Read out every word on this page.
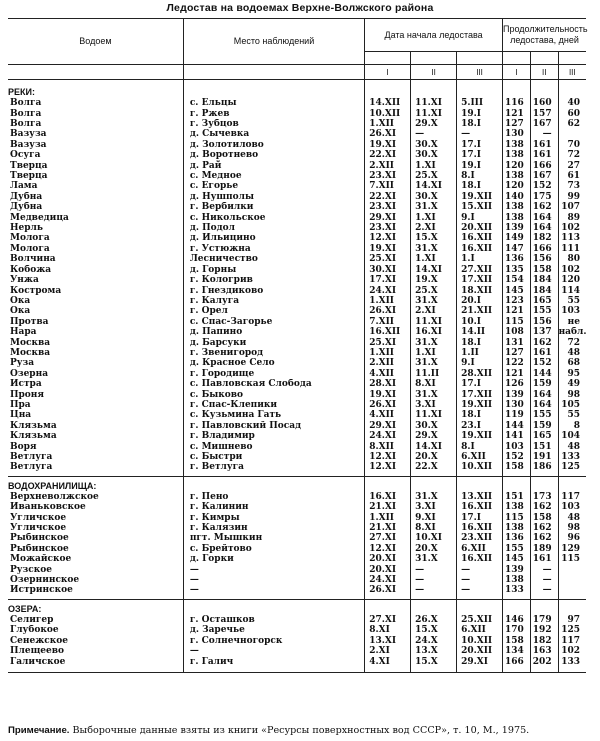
Ледостав на водоемах Верхне-Волжского района
Водоем	Место наблюдений	Дата начала ледостава			Продолжительность ледостава, дней		

		I	II	III	I	II	III

РЕКИ:							
Волга	с. Ельцы	14.XII	11.XI	5.III	116	160	40
Волга	г. Ржев	10.XII	11.XI	19.I	121	157	60
Волга	г. Зубцов	1.XII	29.X	18.I	127	167	62
Вазуза	д. Сычевка	26.XI	—	—	130	—	
Вазуза	д. Золотилово	19.XI	30.X	17.I	138	161	70
Осуга	д. Воротнево	22.XI	30.X	17.I	138	161	72
Тверца	д. Рай	2.XII	1.XI	19.I	120	166	27
Тверца	с. Медное	23.XI	25.X	8.I	138	167	61
Лама	с. Егорье	7.XII	14.XI	18.I	120	152	73
Дубна	д. Нушполы	22.XI	30.X	19.XII	140	175	99
Дубна	г. Вербилки	23.XI	31.X	15.XII	138	162	107
Медведица	с. Никольское	29.XI	1.XI	9.I	138	164	89
Нерль	д. Подол	23.XI	2.XI	20.XII	139	164	102
Молога	д. Ильицино	12.XI	15.X	16.XII	149	182	113
Молога	г. Устюжна	19.XI	31.X	16.XII	147	166	111
Волчина	Лесничество	25.XI	1.XI	1.I	136	156	80
Кобожа	д. Горны	30.XI	14.XI	27.XII	135	158	102
Унжа	г. Кологрив	17.XI	19.X	17.XII	154	184	120
Кострома	г. Гнездиково	24.XI	25.X	18.XII	145	184	114
Ока	г. Калуга	1.XII	31.X	20.I	123	165	55
Ока	г. Орел	26.XI	2.XI	21.XII	121	155	103
Протва	с. Спас-Загорье	7.XII	11.XI	10.I	115	156	не
Нара	д. Папино	16.XII	16.XI	14.II	108	137	набл.
Москва	д. Барсуки	25.XI	31.X	18.I	131	162	72
Москва	г. Звенигород	1.XII	1.XI	1.II	127	161	48
Руза	д. Красное Село	2.XII	31.X	9.I	122	152	68
Озерна	г. Городище	4.XII	11.II	28.XII	121	144	95
Истра	с. Павловская Слобода	28.XI	8.XI	17.I	126	159	49
Проня	с. Быково	19.XI	31.X	17.XII	139	164	98
Пра	г. Спас-Клепики	26.XI	3.XI	19.XII	130	164	105
Цна	с. Кузьмина Гать	4.XII	11.XI	18.I	119	155	55
Клязьма	г. Павловский Посад	29.XI	30.X	23.I	144	159	8
Клязьма	г. Владимир	24.XI	29.X	19.XII	141	165	104
Воря	с. Мишнево	8.XII	14.XI	8.I	103	151	48
Ветлуга	с. Быстри	12.XI	20.X	6.XII	152	191	133
Ветлуга	г. Ветлуга	12.XI	22.X	10.XII	158	186	125

ВОДОХРАНИЛИЩА:							
Верхневолжское	г. Пено	16.XI	31.X	13.XII	151	173	117
Иваньковское	г. Калинин	21.XI	3.XI	16.XII	138	162	103
Угличское	г. Кимры	1.XII	9.XI	17.I	115	158	48
Угличское	г. Калязин	21.XI	8.XI	16.XII	138	162	98
Рыбинское	пгт. Мышкин	27.XI	10.XI	23.XII	136	162	96
Рыбинское	с. Брейтово	12.XI	20.X	6.XII	155	189	129
Можайское	д. Горки	20.XI	31.X	16.XII	145	161	115
Рузское	—	20.XI	—	—	139	—	
Озернинское	—	24.XI	—	—	138	—	
Истринское	—	26.XI	—	—	133	—	

ОЗЕРА:							
Селигер	г. Осташков	27.XI	26.X	25.XII	146	179	97
Глубокое	д. Заречье	8.XI	15.X	6.XII	170	192	125
Сенежское	г. Солнечногорск	13.XI	24.X	10.XII	158	182	117
Плещеево	—	2.XI	13.X	20.XII	134	163	102
Галичское	г. Галич	4.XI	15.X	29.XI	166	202	133

Примечание. Выборочные данные взяты из книги «Ресурсы поверхностных вод СССР», т. 10, М., 1975.
